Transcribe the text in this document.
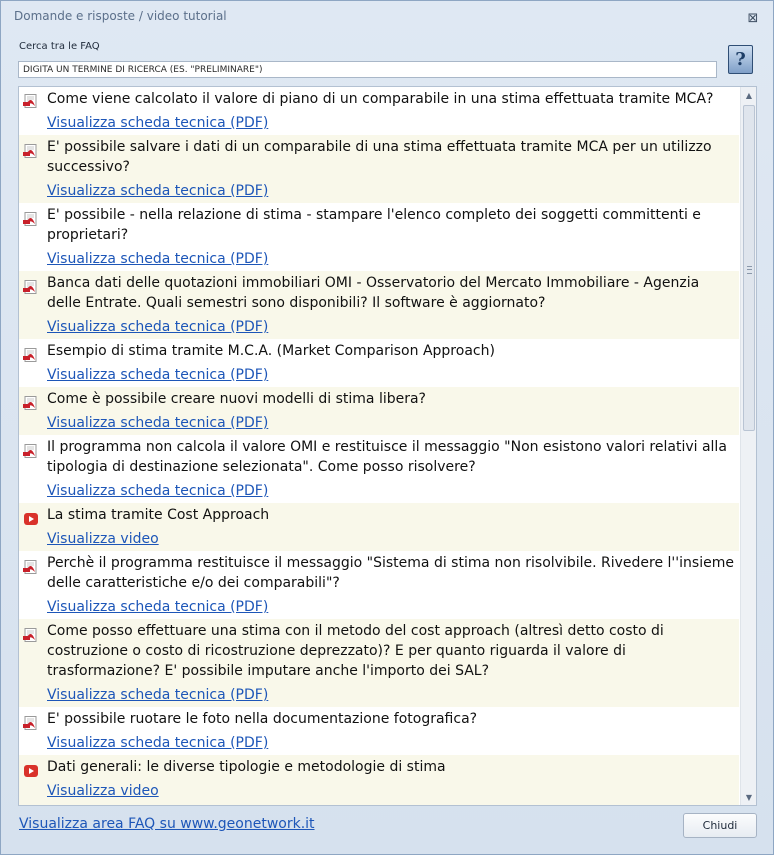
Domande e risposte / video tutorial	⊠
Cerca tra le FAQ
DIGITA UN TERMINE DI RICERCA (ES. "PRELIMINARE")
?

Come viene calcolato il valore di piano di un comparabile in una stima effettuata tramite MCA?

Visualizza scheda tecnica (PDF)

E' possibile salvare i dati di un comparabile di una stima effettuata tramite MCA per un utilizzo successivo?

Visualizza scheda tecnica (PDF)

E' possibile - nella relazione di stima - stampare l'elenco completo dei soggetti committenti e proprietari?

Visualizza scheda tecnica (PDF)

Banca dati delle quotazioni immobiliari OMI - Osservatorio del Mercato Immobiliare - Agenzia delle Entrate. Quali semestri sono disponibili? Il software è aggiornato?

Visualizza scheda tecnica (PDF)

Esempio di stima tramite M.C.A. (Market Comparison Approach)

Visualizza scheda tecnica (PDF)

Come è possibile creare nuovi modelli di stima libera?

Visualizza scheda tecnica (PDF)

Il programma non calcola il valore OMI e restituisce il messaggio "Non esistono valori relativi alla tipologia di destinazione selezionata". Come posso risolvere?

Visualizza scheda tecnica (PDF)

La stima tramite Cost Approach

Visualizza video

Perchè il programma restituisce il messaggio "Sistema di stima non risolvibile. Rivedere l''insieme delle caratteristiche e/o dei comparabili"?

Visualizza scheda tecnica (PDF)

Come posso effettuare una stima con il metodo del cost approach (altresì detto costo di costruzione o costo di ricostruzione deprezzato)? E per quanto riguarda il valore di trasformazione? E' possibile imputare anche l'importo dei SAL?

Visualizza scheda tecnica (PDF)

E' possibile ruotare le foto nella documentazione fotografica?

Visualizza scheda tecnica (PDF)

Dati generali: le diverse tipologie e metodologie di stima

Visualizza video
▲
▼
Visualizza area FAQ su www.geonetwork.it	Chiudi
